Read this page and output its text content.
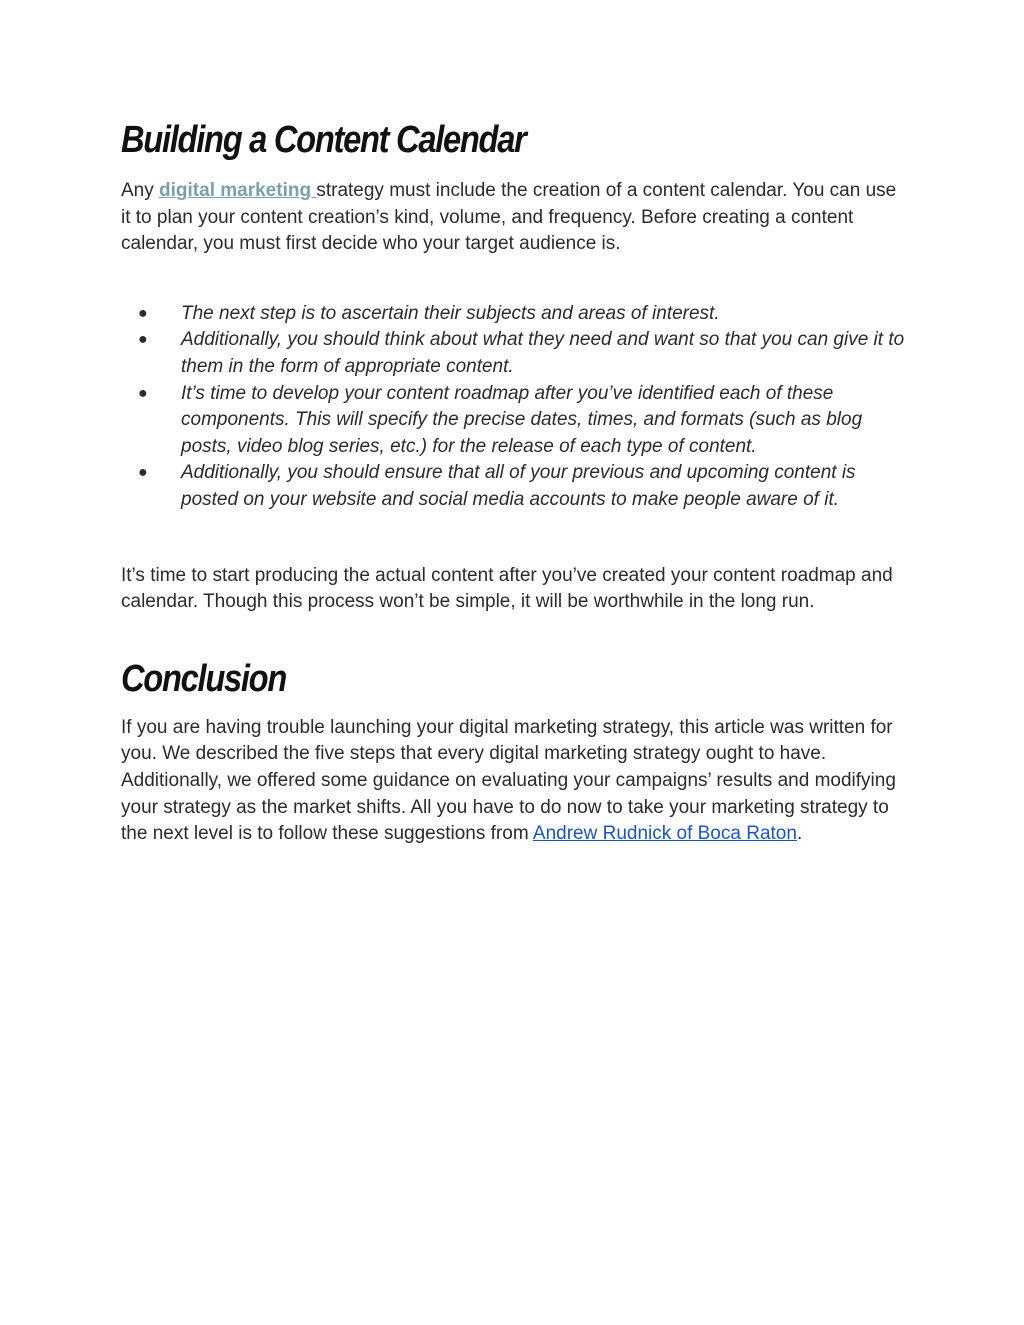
Building a Content Calendar

Any digital marketing strategy must include the creation of a content calendar. You can use it to plan your content creation’s kind, volume, and frequency. Before creating a content calendar, you must first decide who your target audience is.

● The next step is to ascertain their subjects and areas of interest.
● Additionally, you should think about what they need and want so that you can give it to them in the form of appropriate content.
● It’s time to develop your content roadmap after you’ve identified each of these components. This will specify the precise dates, times, and formats (such as blog posts, video blog series, etc.) for the release of each type of content.
● Additionally, you should ensure that all of your previous and upcoming content is posted on your website and social media accounts to make people aware of it.

It’s time to start producing the actual content after you’ve created your content roadmap and calendar. Though this process won’t be simple, it will be worthwhile in the long run.

Conclusion

If you are having trouble launching your digital marketing strategy, this article was written for you. We described the five steps that every digital marketing strategy ought to have. Additionally, we offered some guidance on evaluating your campaigns’ results and modifying your strategy as the market shifts. All you have to do now to take your marketing strategy to the next level is to follow these suggestions from Andrew Rudnick of Boca Raton.
